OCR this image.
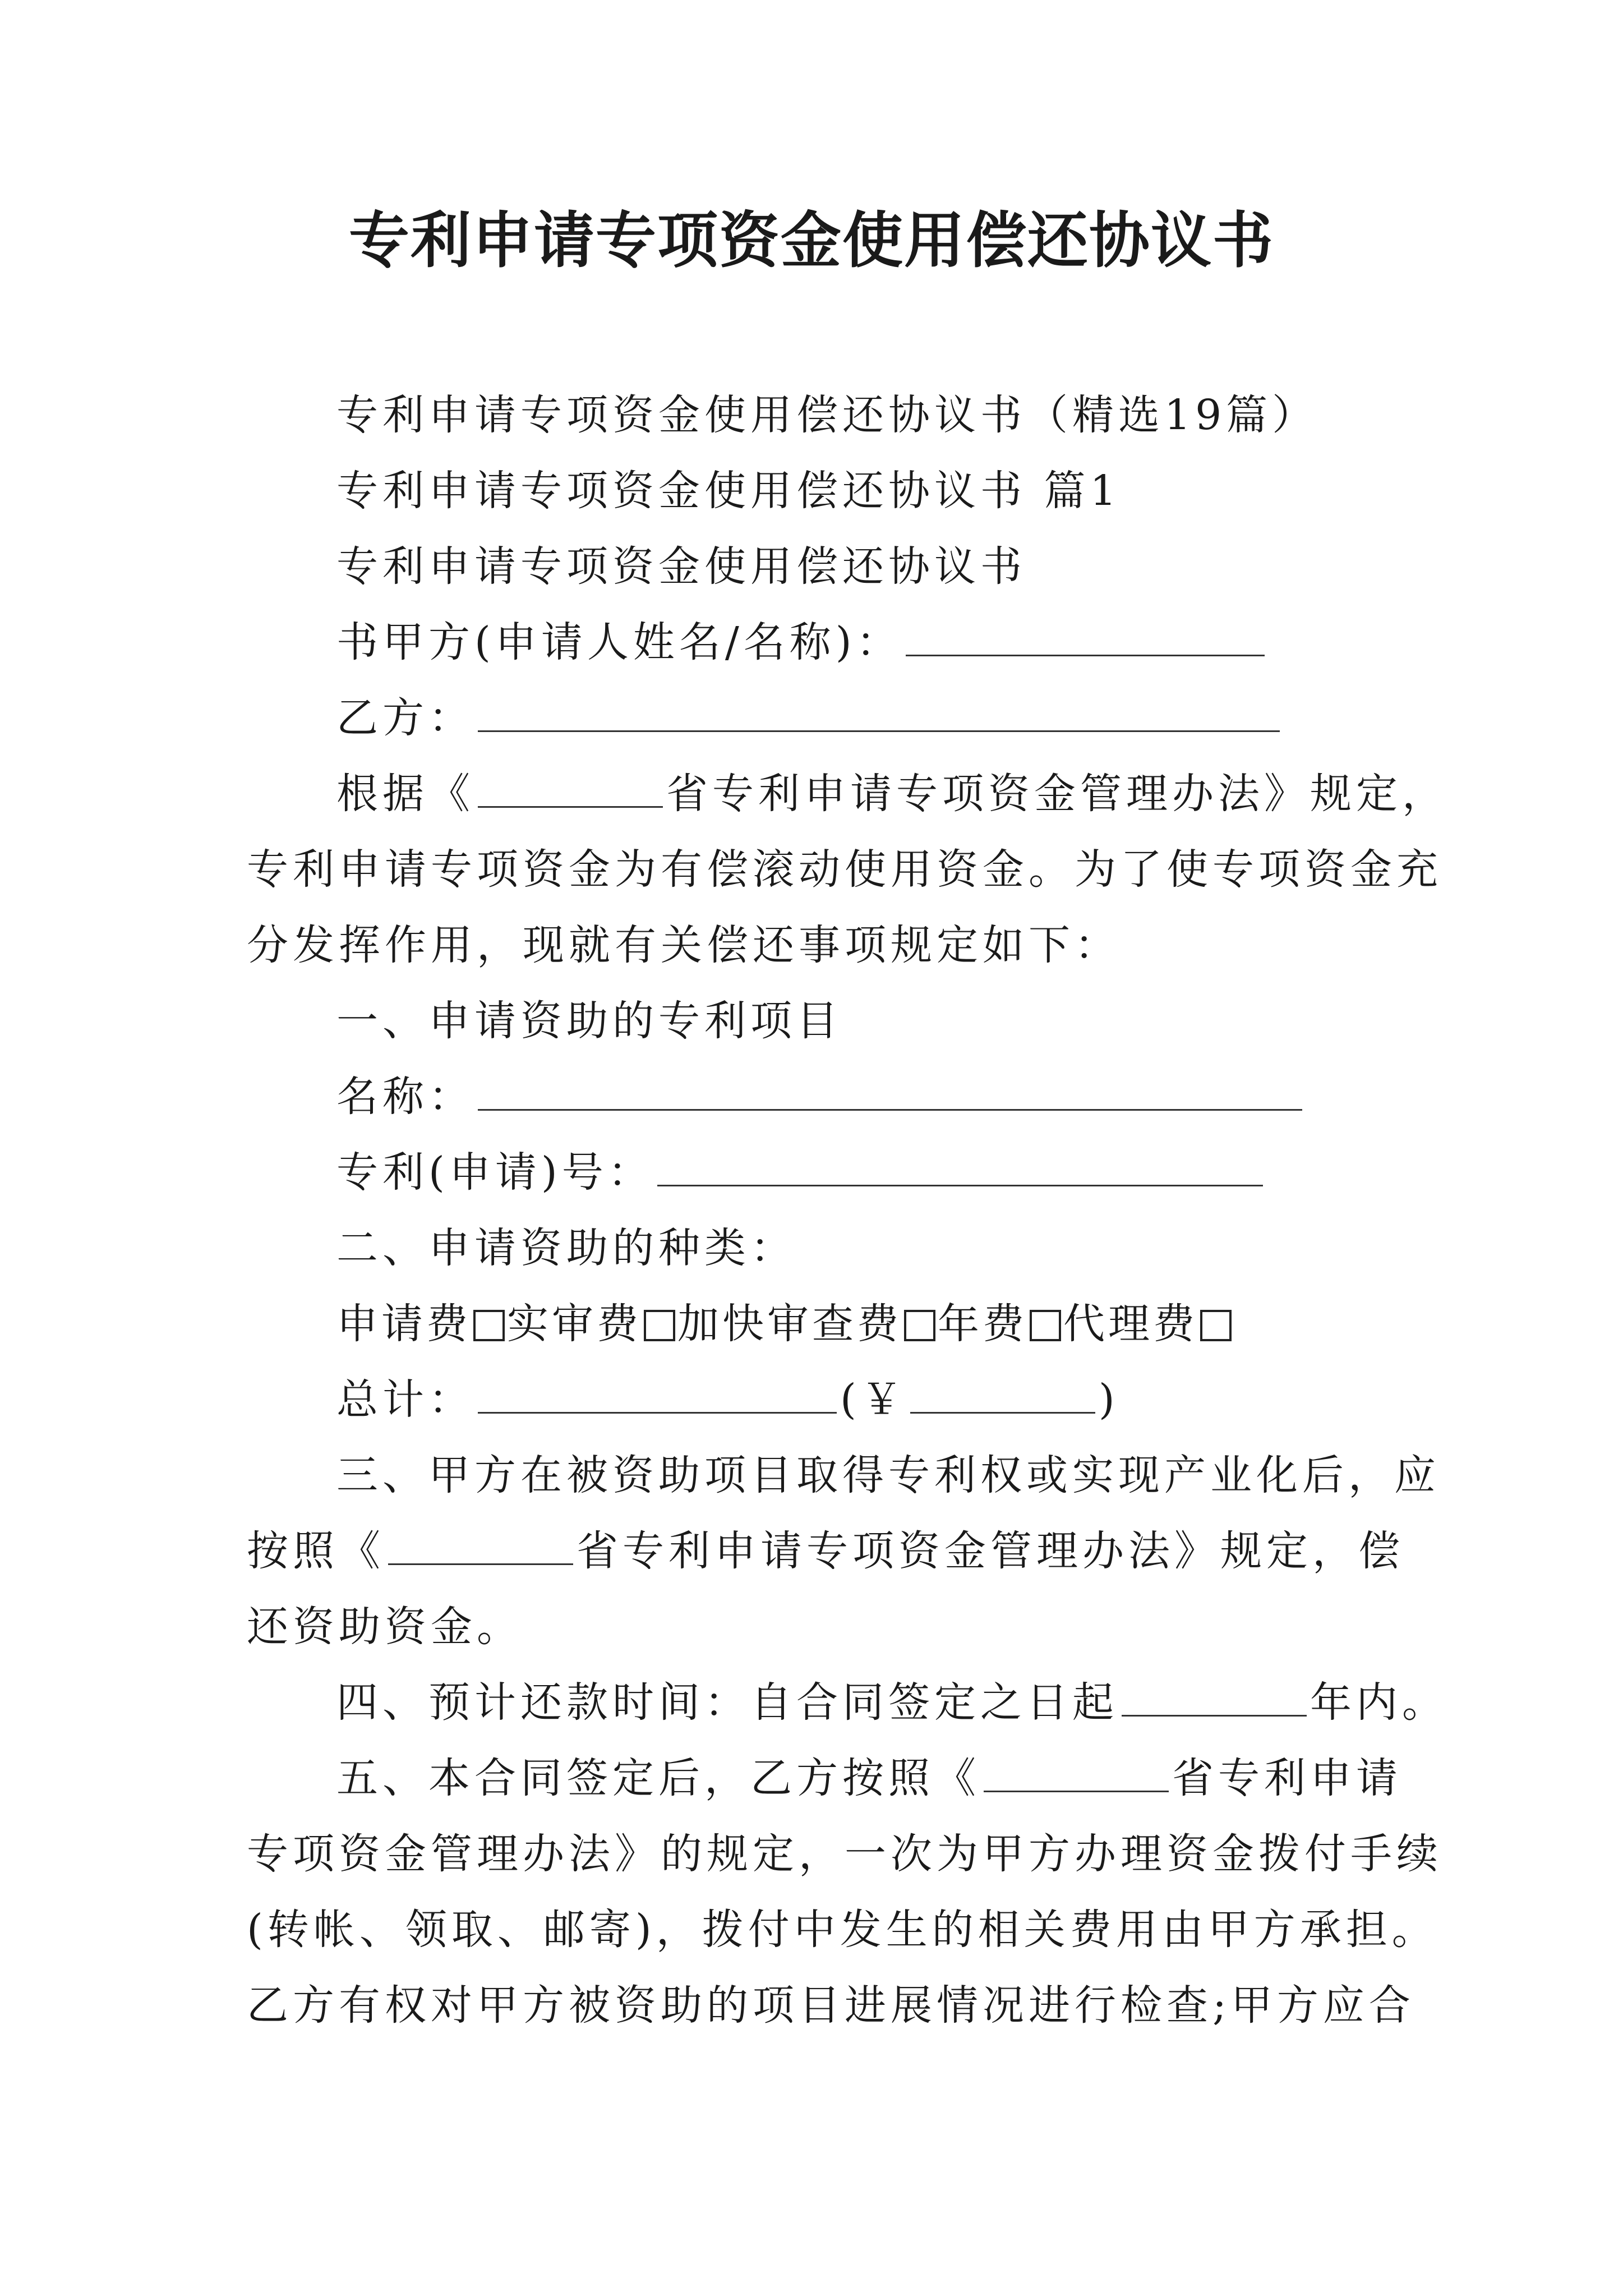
专利申请专项资金使用偿还协议书
专利申请专项资金使用偿还协议书（精选19篇）
专利申请专项资金使用偿还协议书 篇1
专利申请专项资金使用偿还协议书
书甲方(申请人姓名/名称)：
乙方：
根据《	省专利申请专项资金管理办法》规定，
专利申请专项资金为有偿滚动使用资金。为了使专项资金充
分发挥作用，现就有关偿还事项规定如下：
一、申请资助的专利项目
名称：
专利(申请)号：
二、申请资助的种类：
申请费 实审费 加快审查费 年费 代理费
总计：	(￥	)
三、甲方在被资助项目取得专利权或实现产业化后，应
按照《	省专利申请专项资金管理办法》规定，偿
还资助资金。
四、预计还款时间：自合同签定之日起	年内。
五、本合同签定后，乙方按照《	省专利申请
专项资金管理办法》的规定，一次为甲方办理资金拨付手续
(转帐、领取、邮寄)，拨付中发生的相关费用由甲方承担。
乙方有权对甲方被资助的项目进展情况进行检查;甲方应合
